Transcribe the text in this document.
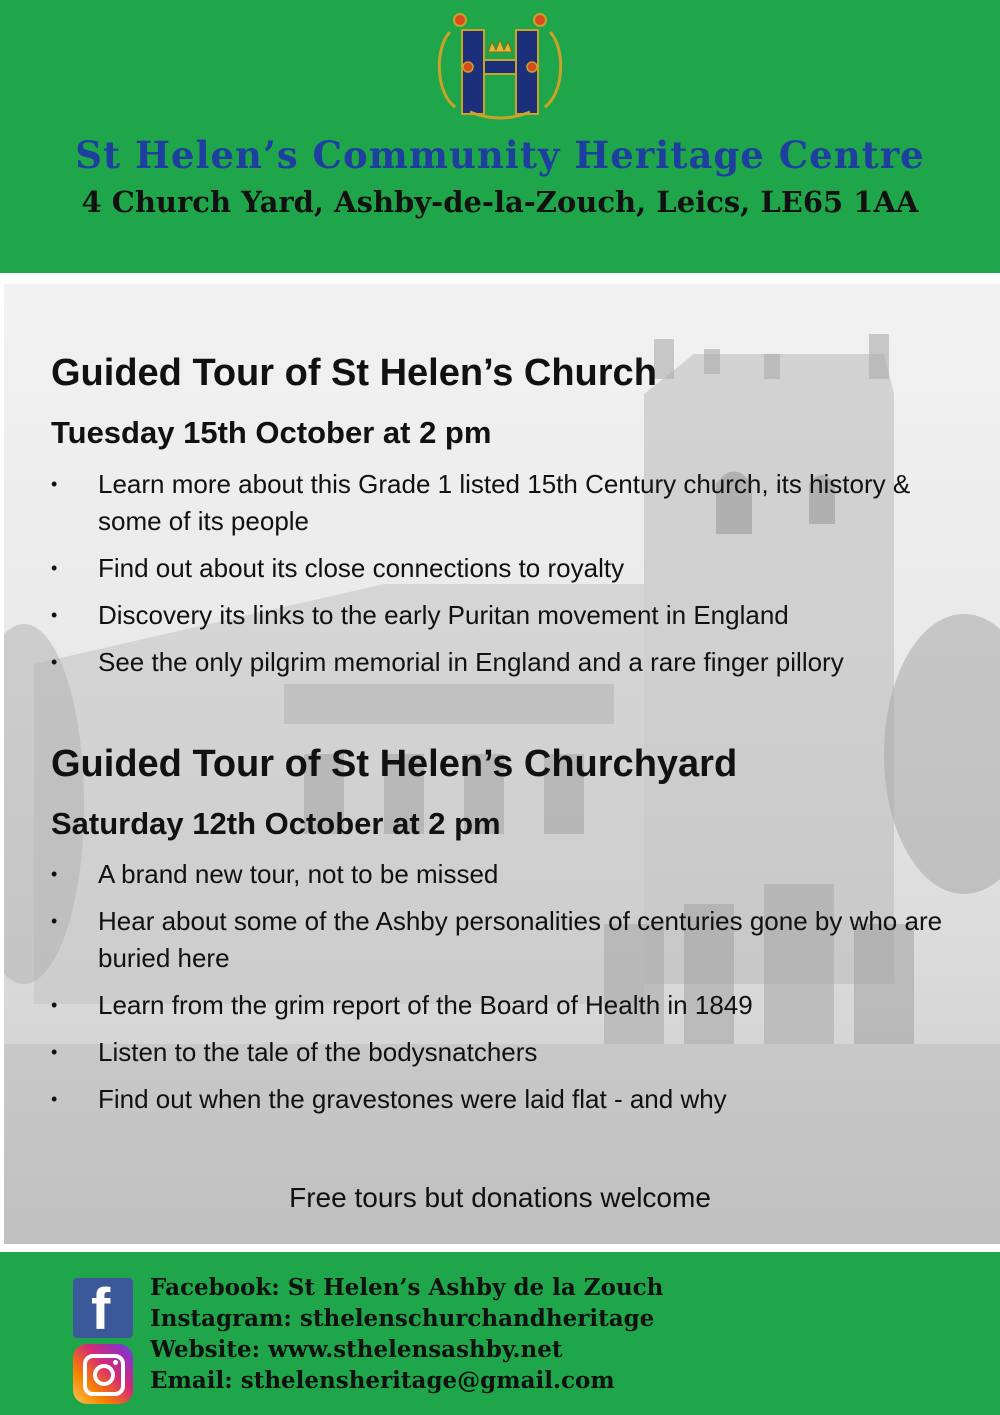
St Helen’s Community Heritage Centre
4 Church Yard, Ashby-de-la-Zouch, Leics, LE65 1AA
Guided Tour of St Helen’s Church
Tuesday 15th October at 2 pm
• Learn more about this Grade 1 listed 15th Century church, its history & some of its people
• Find out about its close connections to royalty
• Discovery its links to the early Puritan movement in England
• See the only pilgrim memorial in England and a rare finger pillory
Guided Tour of St Helen’s Churchyard
Saturday 12th October at 2 pm
• A brand new tour, not to be missed
• Hear about some of the Ashby personalities of centuries gone by who are buried here
• Learn from the grim report of the Board of Health in 1849
• Listen to the tale of the bodysnatchers
• Find out when the gravestones were laid flat - and why
Free tours but donations welcome
f Facebook: St Helen’s Ashby de la Zouch
Instagram: sthelenschurchandheritage
Website: www.sthelensashby.net
Email: sthelensheritage@gmail.com
